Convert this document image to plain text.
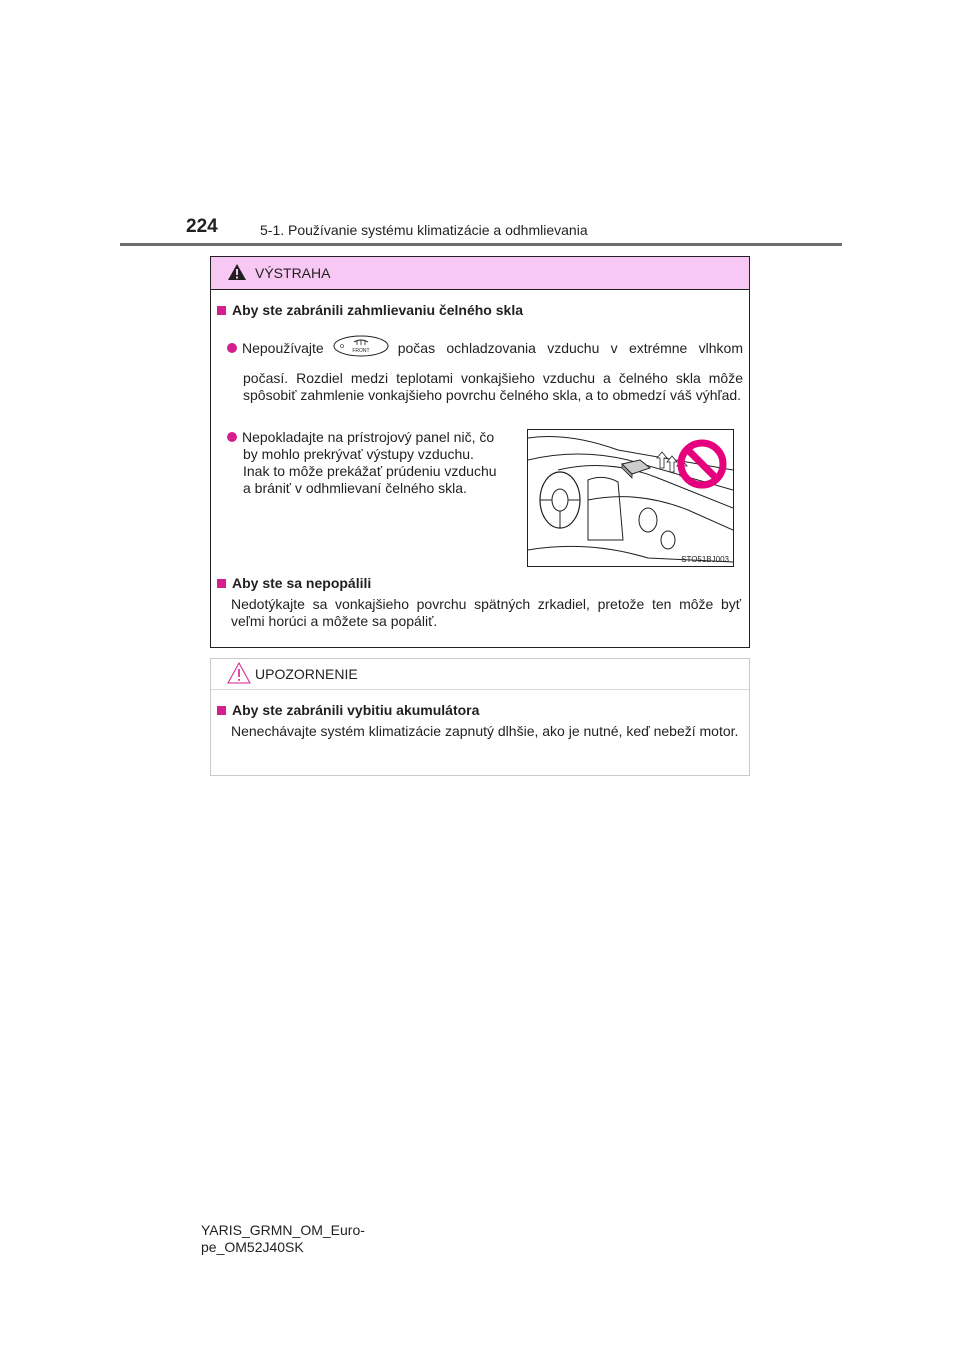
224	5-1. Používanie systému klimatizácie a odhmlievania
VÝSTRAHA
Aby ste zabránili zahmlievaniu čelného skla
Nepoužívajte	FRONT počas ochladzovania vzduchu v extrémne vlhkom
počasí. Rozdiel medzi teplotami vonkajšieho vzduchu a čelného skla môže spôsobiť zahmlenie vonkajšieho povrchu čelného skla, a to obmedzí váš výhľad.
Nepokladajte na prístrojový panel nič, čo
by mohlo prekrývať výstupy vzduchu.
Inak to môže prekážať prúdeniu vzduchu
a brániť v odhmlievaní čelného skla.
STO51BJ003
Aby ste sa nepopálili
Nedotýkajte sa vonkajšieho povrchu spätných zrkadiel, pretože ten môže byť veľmi horúci a môžete sa popáliť.
UPOZORNENIE
Aby ste zabránili vybitiu akumulátora
Nenechávajte systém klimatizácie zapnutý dlhšie, ako je nutné, keď nebeží motor.
YARIS_GRMN_OM_Euro-
pe_OM52J40SK
